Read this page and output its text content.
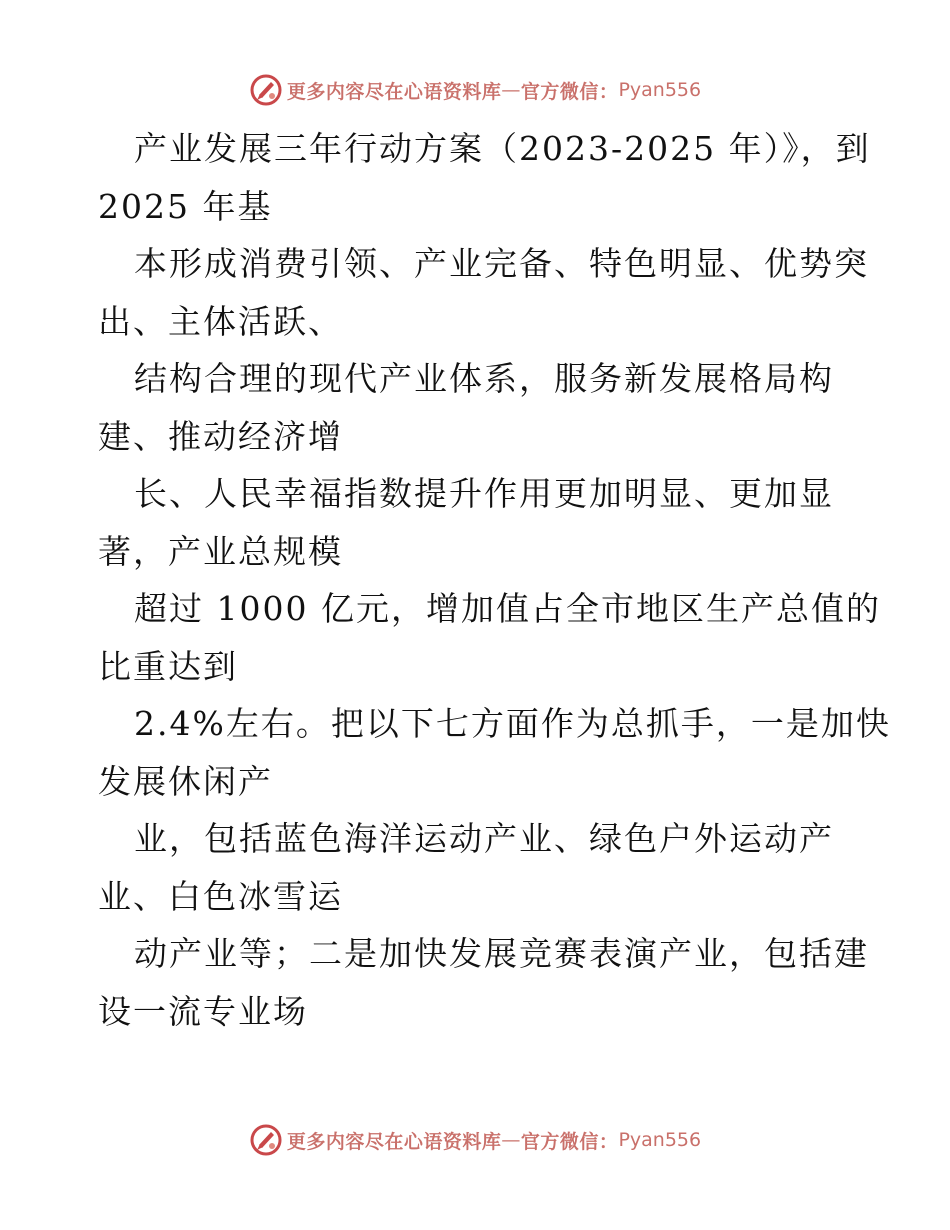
更多内容尽在心语资料库 — 官方微信： Pyan556
产业发展三年行动方案（2023-2025 年）》，到
2025 年基
本形成消费引领、产业完备、特色明显、优势突
出、主体活跃、
结构合理的现代产业体系，服务新发展格局构
建、推动经济增
长、人民幸福指数提升作用更加明显、更加显
著，产业总规模
超过 1000 亿元，增加值占全市地区生产总值的
比重达到
2.4%左右。把以下七方面作为总抓手，一是加快
发展休闲产
业，包括蓝色海洋运动产业、绿色户外运动产
业、白色冰雪运
动产业等；二是加快发展竞赛表演产业，包括建
设一流专业场
更多内容尽在心语资料库 — 官方微信： Pyan556
